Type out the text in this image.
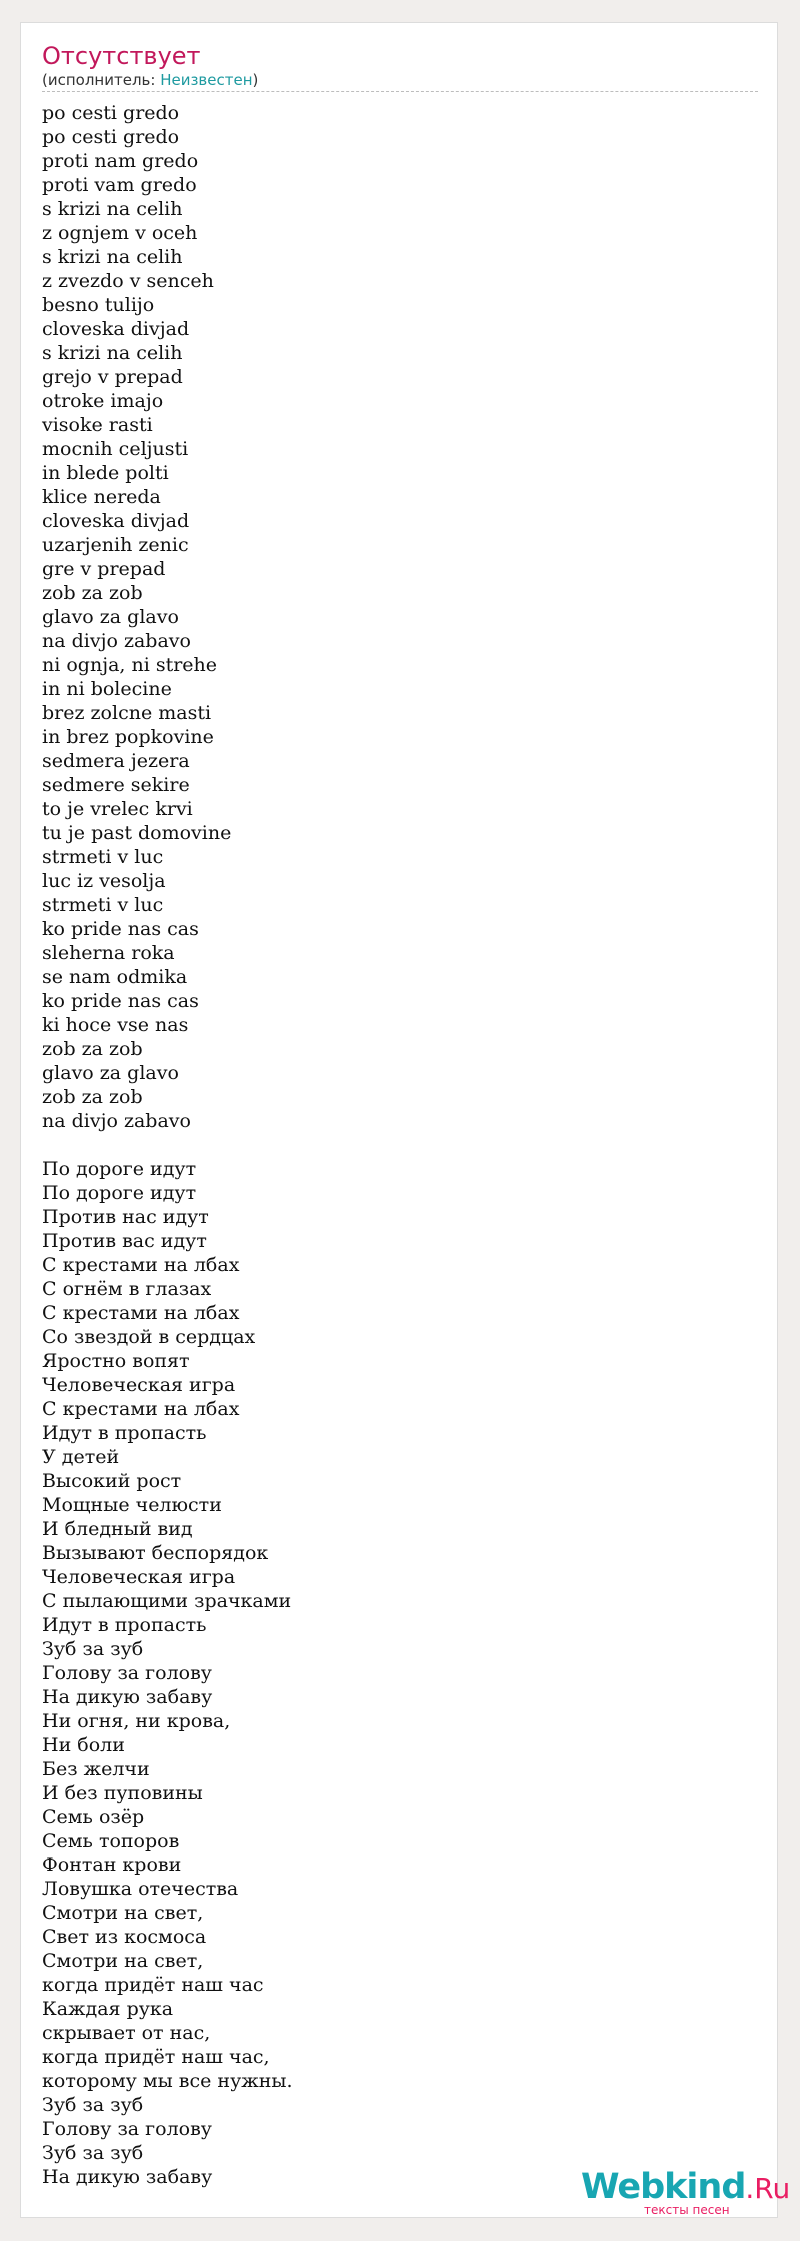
Отсутствует
(исполнитель: Неизвестен)
po cesti gredo
po cesti gredo
proti nam gredo
proti vam gredo
s krizi na celih
z ognjem v oceh
s krizi na celih
z zvezdo v senceh
besno tulijo
cloveska divjad
s krizi na celih
grejo v prepad
otroke imajo
visoke rasti
mocnih celjusti
in blede polti
klice nereda
cloveska divjad
uzarjenih zenic
gre v prepad
zob za zob
glavo za glavo
na divjo zabavo
ni ognja, ni strehe
in ni bolecine
brez zolcne masti
in brez popkovine
sedmera jezera
sedmere sekire
to je vrelec krvi
tu je past domovine
strmeti v luc
luc iz vesolja
strmeti v luc
ko pride nas cas
sleherna roka
se nam odmika
ko pride nas cas
ki hoce vse nas
zob za zob
glavo za glavo
zob za zob
na divjo zabavo
По дороге идут
По дороге идут
Против нас идут
Против вас идут
С крестами на лбах
С огнём в глазах
С крестами на лбах
Со звездой в сердцах
Яростно вопят
Человеческая игра
С крестами на лбах
Идут в пропасть
У детей
Высокий рост
Мощные челюсти
И бледный вид
Вызывают беспорядок
Человеческая игра
С пылающими зрачками
Идут в пропасть
Зуб за зуб
Голову за голову
На дикую забаву
Ни огня, ни крова,
Ни боли
Без желчи
И без пуповины
Семь озёр
Семь топоров
Фонтан крови
Ловушка отечества
Смотри на свет,
Свет из космоса
Смотри на свет,
когда придёт наш час
Каждая рука
скрывает от нас,
когда придёт наш час,
которому мы все нужны.
Зуб за зуб
Голову за голову
Зуб за зуб
На дикую забаву	Webkind.Ru
тексты песен
